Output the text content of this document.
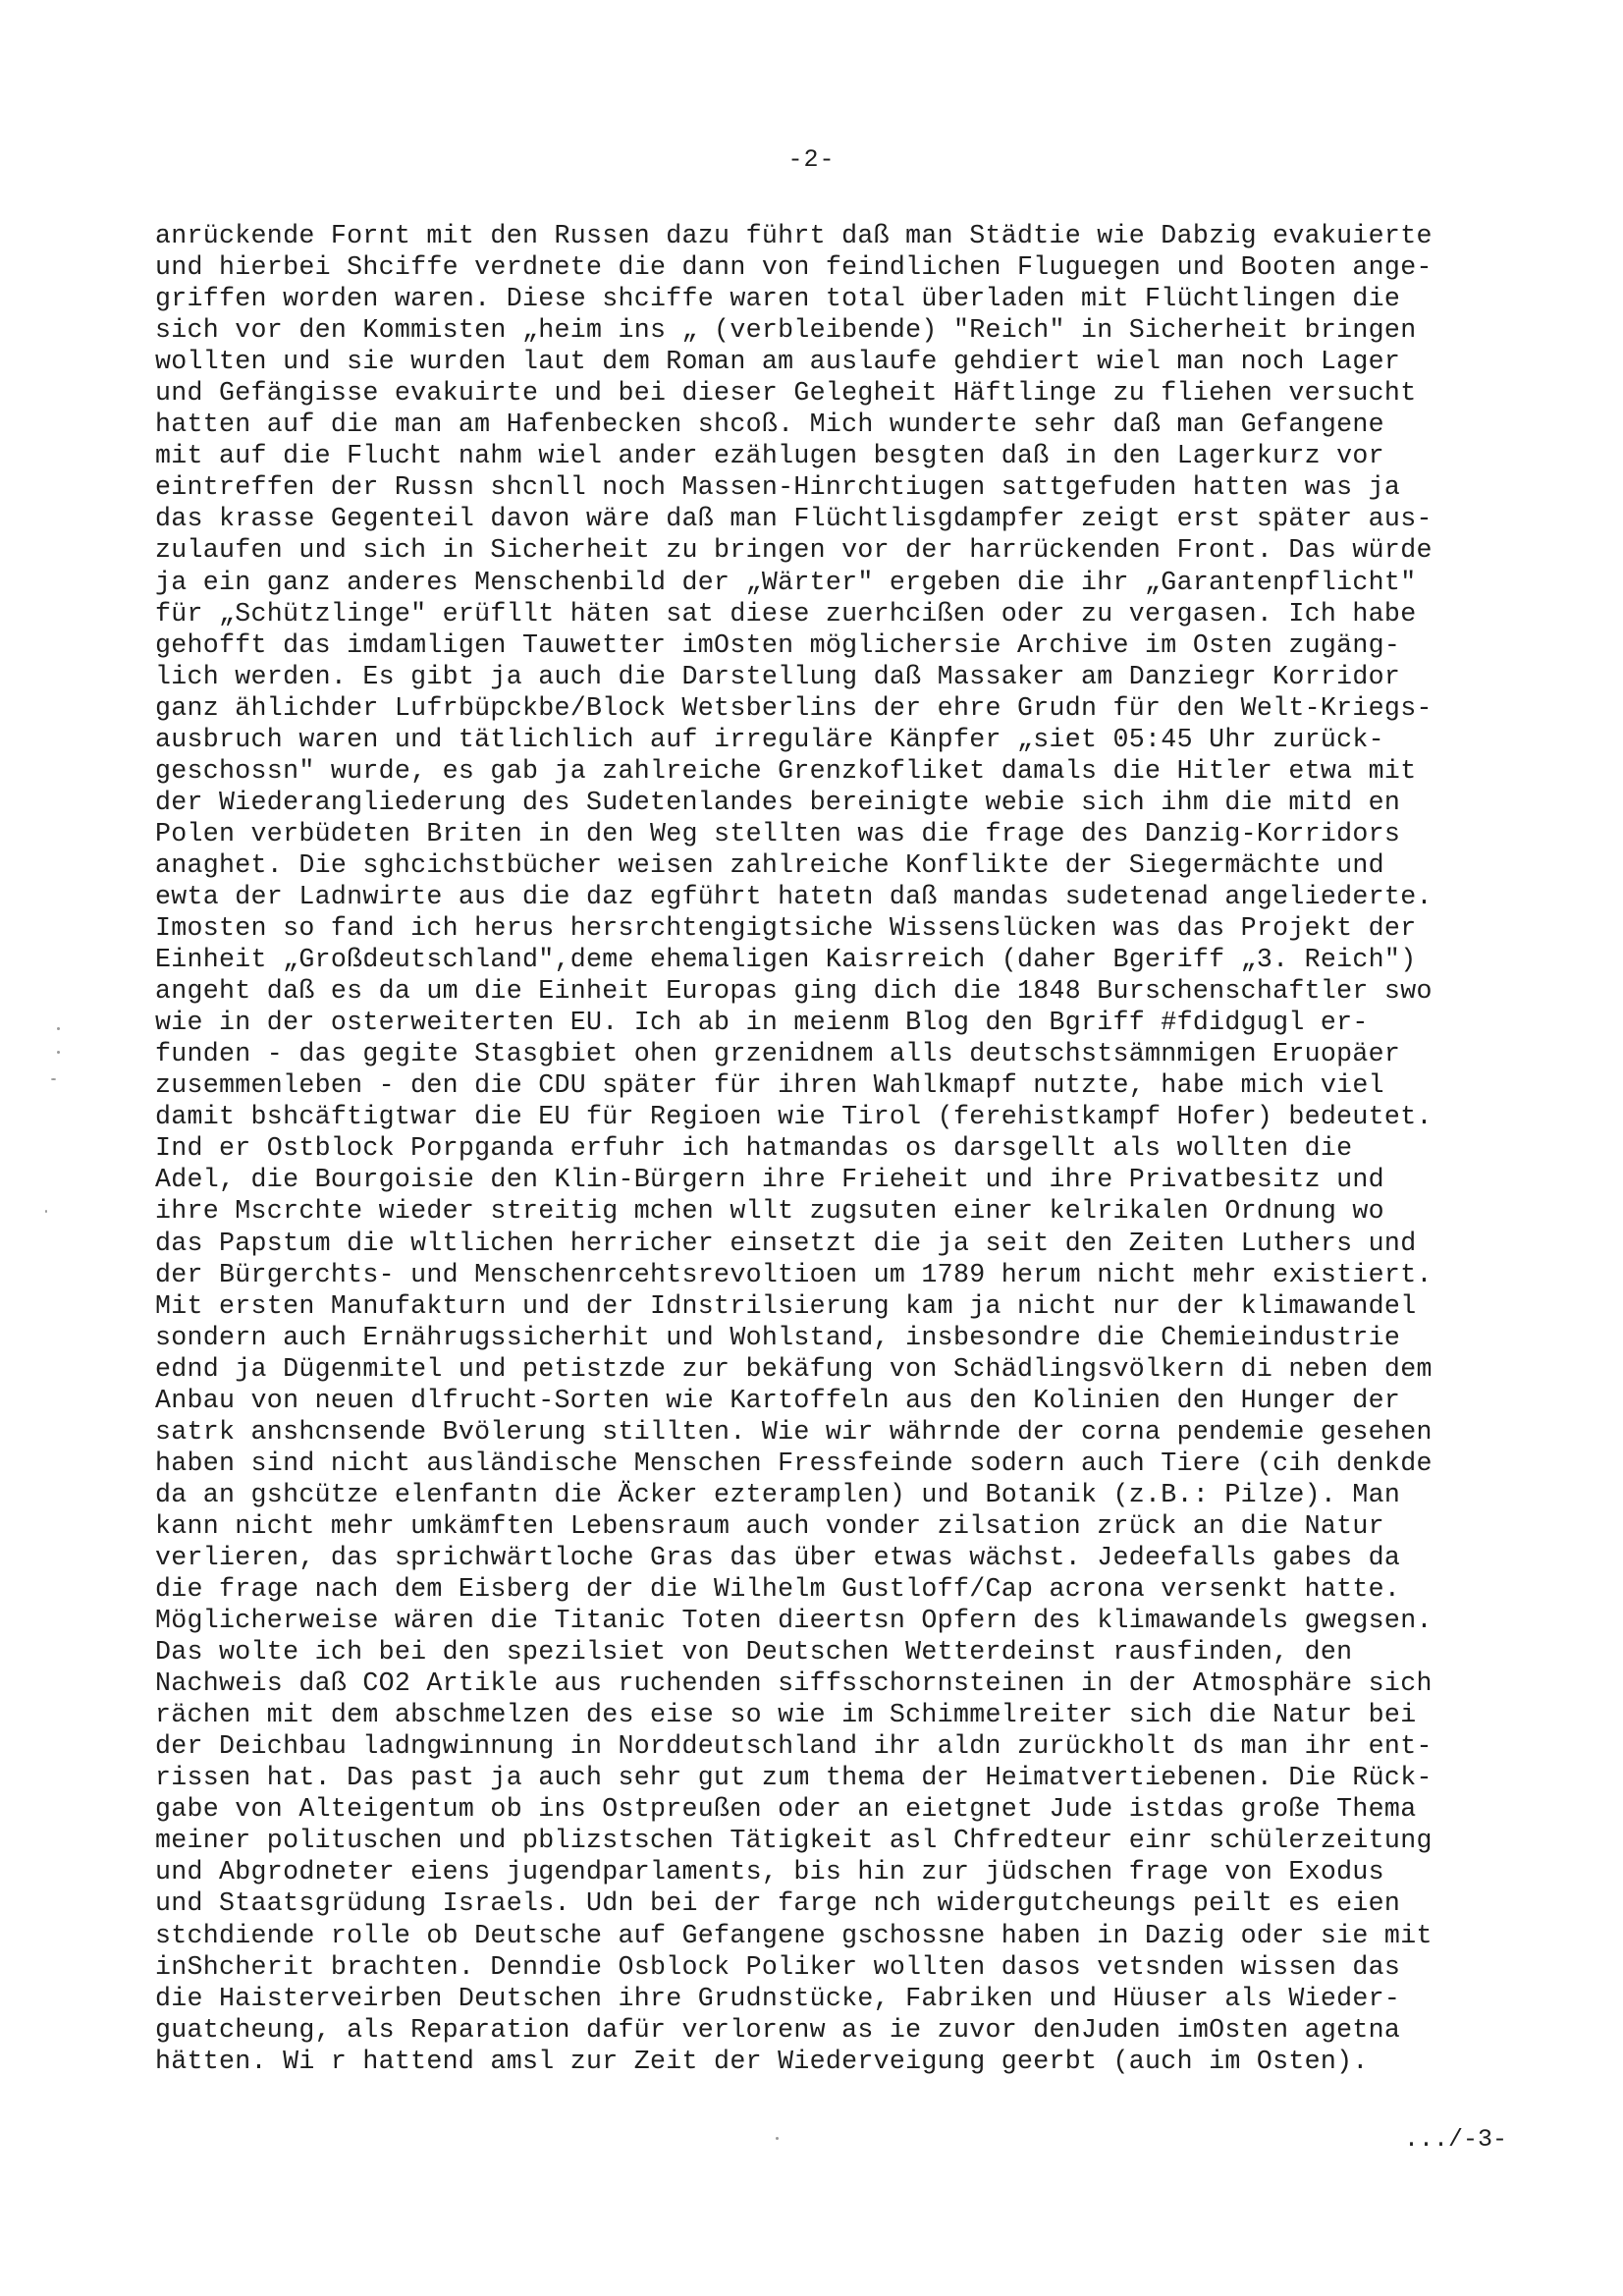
-2-
anrückende Fornt mit den Russen dazu führt daß man Städtie wie Dabzig evakuierte
und hierbei Shciffe verdnete die dann von feindlichen Fluguegen und Booten ange-
griffen worden waren. Diese shciffe waren total überladen mit Flüchtlingen die
sich vor den Kommisten „heim ins „ (verbleibende) "Reich" in Sicherheit bringen
wollten und sie wurden laut dem Roman am auslaufe gehdiert wiel man noch Lager
und Gefängisse evakuirte und bei dieser Gelegheit Häftlinge zu fliehen versucht
hatten auf die man am Hafenbecken shcoß. Mich wunderte sehr daß man Gefangene
mit auf die Flucht nahm wiel ander ezählugen besgten daß in den Lagerkurz vor
eintreffen der Russn shcnll noch Massen-Hinrchtiugen sattgefuden hatten was ja
das krasse Gegenteil davon wäre daß man Flüchtlisgdampfer zeigt erst später aus-
zulaufen und sich in Sicherheit zu bringen vor der harrückenden Front. Das würde
ja ein ganz anderes Menschenbild der „Wärter" ergeben die ihr „Garantenpflicht"
für „Schützlinge" erüfllt häten sat diese zuerhcißen oder zu vergasen. Ich habe
gehofft das imdamligen Tauwetter imOsten möglichersie Archive im Osten zugäng-
lich werden. Es gibt ja auch die Darstellung daß Massaker am Danziegr Korridor
ganz ählichder Lufrbüpckbe/Block Wetsberlins der ehre Grudn für den Welt-Kriegs-
ausbruch waren und tätlichlich auf irreguläre Känpfer „siet 05:45 Uhr zurück-
geschossn" wurde, es gab ja zahlreiche Grenzkofliket damals die Hitler etwa mit
der Wiederangliederung des Sudetenlandes bereinigte webie sich ihm die mitd en
Polen verbüdeten Briten in den Weg stellten was die frage des Danzig-Korridors
anaghet. Die sghcichstbücher weisen zahlreiche Konflikte der Siegermächte und
ewta der Ladnwirte aus die daz egführt hatetn daß mandas sudetenad angeliederte.
Imosten so fand ich herus hersrchtengigtsiche Wissenslücken was das Projekt der
Einheit „Großdeutschland",deme ehemaligen Kaisrreich (daher Bgeriff „3. Reich")
angeht daß es da um die Einheit Europas ging dich die 1848 Burschenschaftler swo
wie in der osterweiterten EU. Ich ab in meienm Blog den Bgriff #fdidgugl er-
funden - das gegite Stasgbiet ohen grzenidnem alls deutschstsämnmigen Eruopäer
zusemmenleben - den die CDU später für ihren Wahlkmapf nutzte, habe mich viel
damit bshcäftigtwar die EU für Regioen wie Tirol (ferehistkampf Hofer) bedeutet.
Ind er Ostblock Porpganda erfuhr ich hatmandas os darsgellt als wollten die
Adel, die Bourgoisie den Klin-Bürgern ihre Frieheit und ihre Privatbesitz und
ihre Mscrchte wieder streitig mchen wllt zugsuten einer kelrikalen Ordnung wo
das Papstum die wltlichen herricher einsetzt die ja seit den Zeiten Luthers und
der Bürgerchts- und Menschenrcehtsrevoltioen um 1789 herum nicht mehr existiert.
Mit ersten Manufakturn und der Idnstrilsierung kam ja nicht nur der klimawandel
sondern auch Ernährugssicherhit und Wohlstand, insbesondre die Chemieindustrie
ednd ja Dügenmitel und petistzde zur bekäfung von Schädlingsvölkern di neben dem
Anbau von neuen dlfrucht-Sorten wie Kartoffeln aus den Kolinien den Hunger der
satrk anshcnsende Bvölerung stillten. Wie wir währnde der corna pendemie gesehen
haben sind nicht ausländische Menschen Fressfeinde sodern auch Tiere (cih denkde
da an gshcütze elenfantn die Äcker ezteramplen) und Botanik (z.B.: Pilze). Man
kann nicht mehr umkämften Lebensraum auch vonder zilsation zrück an die Natur
verlieren, das sprichwärtloche Gras das über etwas wächst. Jedeefalls gabes da
die frage nach dem Eisberg der die Wilhelm Gustloff/Cap acrona versenkt hatte.
Möglicherweise wären die Titanic Toten dieertsn Opfern des klimawandels gwegsen.
Das wolte ich bei den spezilsiet von Deutschen Wetterdeinst rausfinden, den
Nachweis daß CO2 Artikle aus ruchenden siffsschornsteinen in der Atmosphäre sich
rächen mit dem abschmelzen des eise so wie im Schimmelreiter sich die Natur bei
der Deichbau ladngwinnung in Norddeutschland ihr aldn zurückholt ds man ihr ent-
rissen hat. Das past ja auch sehr gut zum thema der Heimatvertiebenen. Die Rück-
gabe von Alteigentum ob ins Ostpreußen oder an eietgnet Jude istdas große Thema
meiner polituschen und pblizstschen Tätigkeit asl Chfredteur einr schülerzeitung
und Abgrodneter eiens jugendparlaments, bis hin zur jüdschen frage von Exodus
und Staatsgrüdung Israels. Udn bei der farge nch widergutcheungs peilt es eien
stchdiende rolle ob Deutsche auf Gefangene gschossne haben in Dazig oder sie mit
inShcherit brachten. Denndie Osblock Poliker wollten dasos vetsnden wissen das
die Haisterveirben Deutschen ihre Grudnstücke, Fabriken und Hüuser als Wieder-
guatcheung, als Reparation dafür verlorenw as ie zuvor denJuden imOsten agetna
hätten. Wi r hattend amsl zur Zeit der Wiederveigung geerbt (auch im Osten).
.../-3-
